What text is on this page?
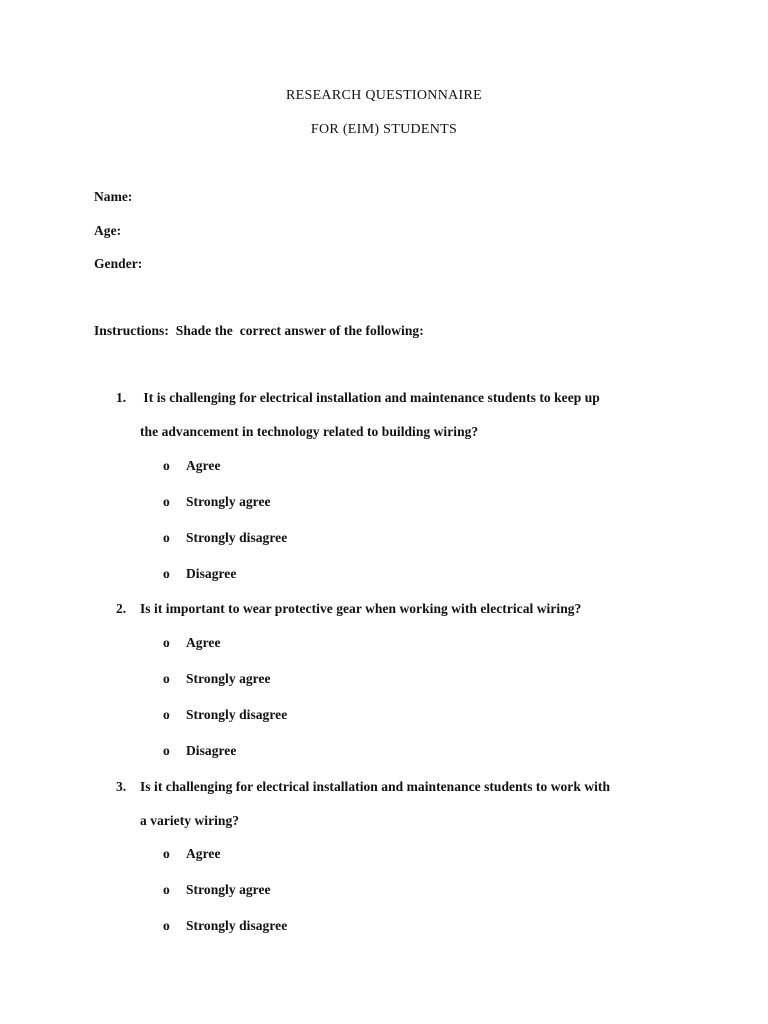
RESEARCH QUESTIONNAIRE
FOR (EIM) STUDENTS
Name:
Age:
Gender:
Instructions:  Shade the  correct answer of the following:
1. It is challenging for electrical installation and maintenance students to keep up
the advancement in technology related to building wiring?
o Agree
o Strongly agree
o Strongly disagree
o Disagree
2. Is it important to wear protective gear when working with electrical wiring?
o Agree
o Strongly agree
o Strongly disagree
o Disagree
3. Is it challenging for electrical installation and maintenance students to work with
a variety wiring?
o Agree
o Strongly agree
o Strongly disagree
